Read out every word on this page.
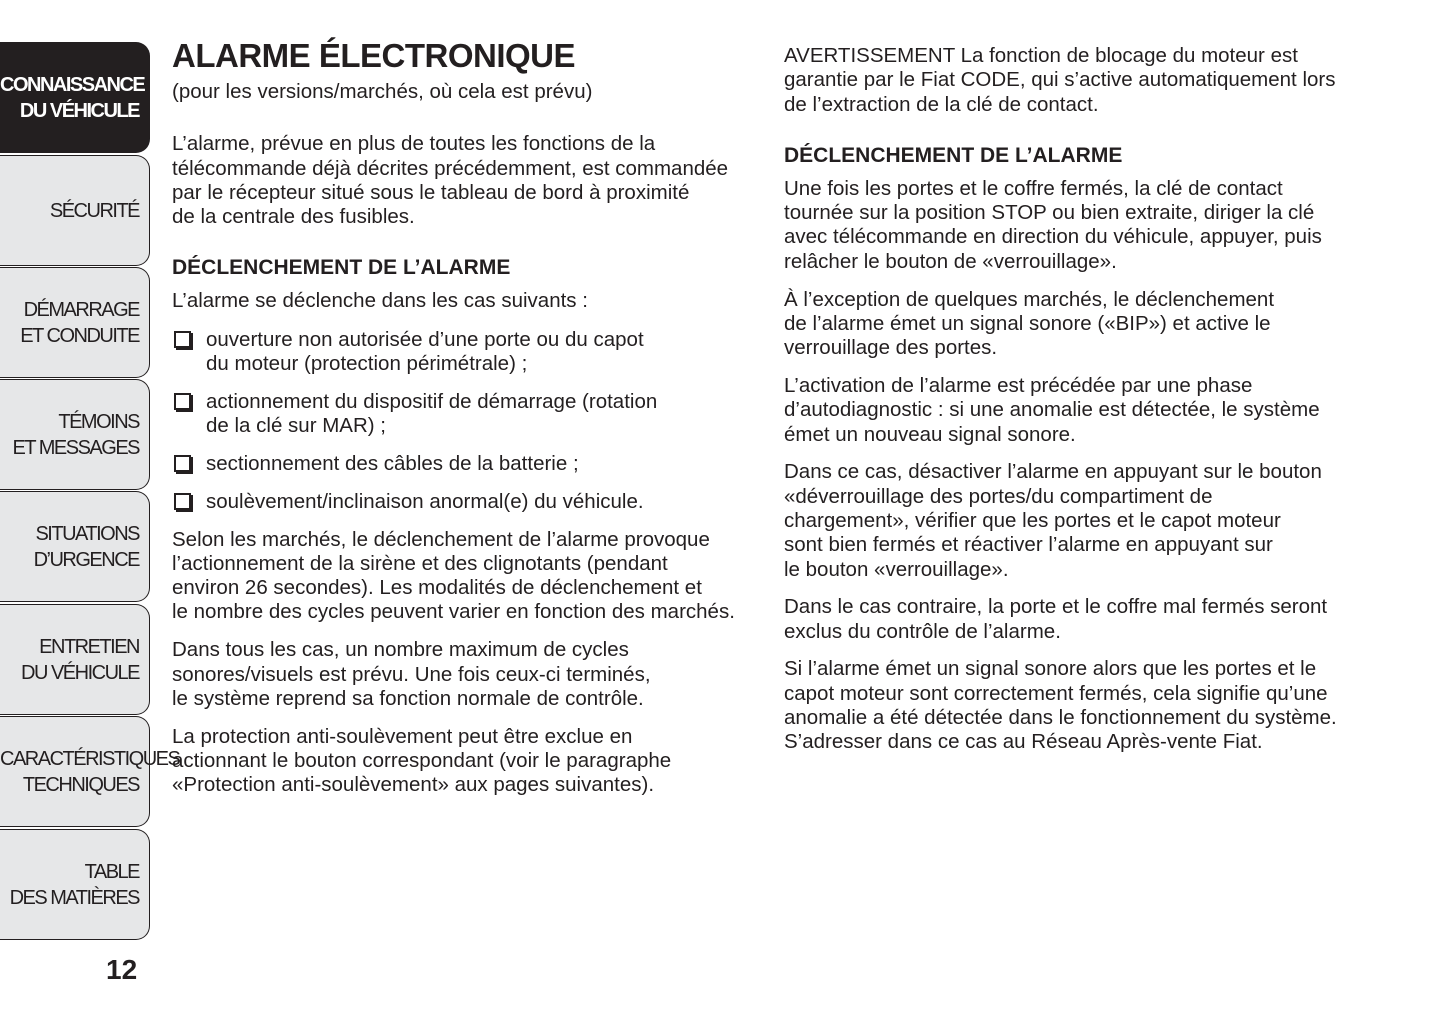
CONNAISSANCE
DU VÉHICULE
SÉCURITÉ
DÉMARRAGE
ET CONDUITE
TÉMOINS
ET MESSAGES
SITUATIONS
D’URGENCE
ENTRETIEN
DU VÉHICULE
CARACTÉRISTIQUES
TECHNIQUES
TABLE
DES MATIÈRES
12
ALARME ÉLECTRONIQUE

(pour les versions/marchés, où cela est prévu)

L’alarme, prévue en plus de toutes les fonctions de la
télécommande déjà décrites précédemment, est commandée
par le récepteur situé sous le tableau de bord à proximité
de la centrale des fusibles.

DÉCLENCHEMENT DE L’ALARME

L’alarme se déclenche dans les cas suivants :

ouverture non autorisée d’une porte ou du capot
du moteur (protection périmétrale) ;
actionnement du dispositif de démarrage (rotation
de la clé sur MAR) ;
sectionnement des câbles de la batterie ;
soulèvement/inclinaison anormal(e) du véhicule.

Selon les marchés, le déclenchement de l’alarme provoque
l’actionnement de la sirène et des clignotants (pendant
environ 26 secondes). Les modalités de déclenchement et
le nombre des cycles peuvent varier en fonction des marchés.

Dans tous les cas, un nombre maximum de cycles
sonores/visuels est prévu. Une fois ceux-ci terminés,
le système reprend sa fonction normale de contrôle.

La protection anti-soulèvement peut être exclue en
actionnant le bouton correspondant (voir le paragraphe
«Protection anti-soulèvement» aux pages suivantes).

AVERTISSEMENT La fonction de blocage du moteur est
garantie par le Fiat CODE, qui s’active automatiquement lors
de l’extraction de la clé de contact.

DÉCLENCHEMENT DE L’ALARME

Une fois les portes et le coffre fermés, la clé de contact
tournée sur la position STOP ou bien extraite, diriger la clé
avec télécommande en direction du véhicule, appuyer, puis
relâcher le bouton de «verrouillage».

À l’exception de quelques marchés, le déclenchement
de l’alarme émet un signal sonore («BIP») et active le
verrouillage des portes.

L’activation de l’alarme est précédée par une phase
d’autodiagnostic : si une anomalie est détectée, le système
émet un nouveau signal sonore.

Dans ce cas, désactiver l’alarme en appuyant sur le bouton
«déverrouillage des portes/du compartiment de
chargement», vérifier que les portes et le capot moteur
sont bien fermés et réactiver l’alarme en appuyant sur
le bouton «verrouillage».

Dans le cas contraire, la porte et le coffre mal fermés seront
exclus du contrôle de l’alarme.

Si l’alarme émet un signal sonore alors que les portes et le
capot moteur sont correctement fermés, cela signifie qu’une
anomalie a été détectée dans le fonctionnement du système.
S’adresser dans ce cas au Réseau Après-vente Fiat.
